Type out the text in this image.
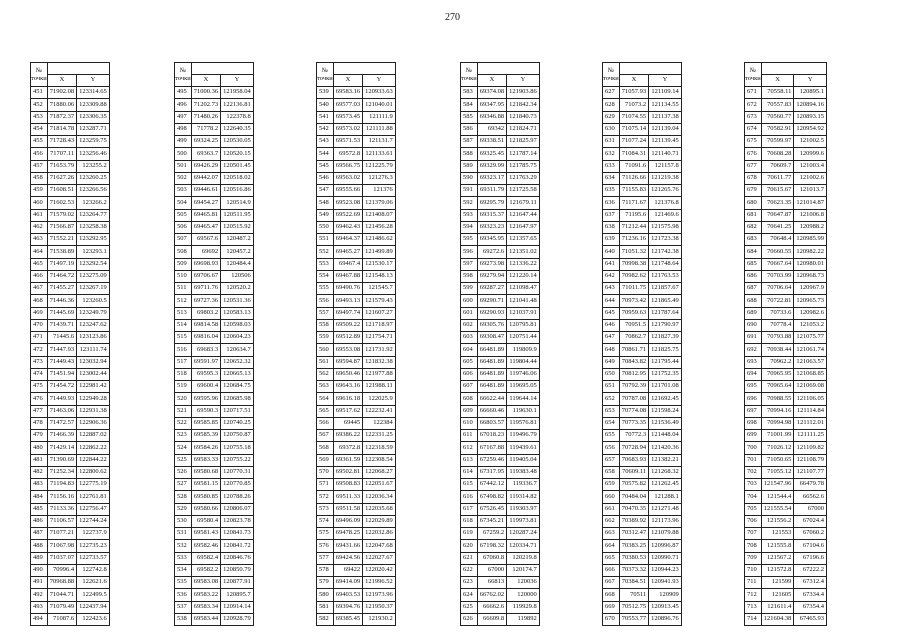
270
№
точки		

	X	Y
451	71902.08	123314.65
452	71880.06	123309.88
453	71872.37	123306.35
454	71814.78	123287.71
455	71728.43	123259.75
456	71707.11	123256.46
457	71653.79	123255.2
458	71627.26	123260.25
459	71608.51	123266.56
460	71602.53	123266.2
461	71579.02	123264.77
462	71566.87	123258.38
463	71552.21	123292.95
464	71538.89	123293.1
465	71497.19	123292.54
466	71464.72	123275.09
467	71455.27	123267.19
468	71446.36	123260.5
469	71445.69	123249.79
470	71439.71	123247.62
471	71445.6	123123.86
472	71447.93	123111.74
473	71449.43	123032.94
474	71451.94	123002.44
475	71454.72	122981.42
476	71449.93	122949.28
477	71463.06	122931.38
478	71472.57	122906.36
479	71466.39	122887.02
480	71429.14	122862.22
481	71390.69	122844.22
482	71252.34	122800.62
483	71194.83	122775.19
484	71156.16	122761.81
485	71133.36	122756.47
486	71106.57	122744.24
487	71077.21	122737.9
488	71067.98	122735.23
489	71037.07	122733.57
490	70996.4	122742.8
491	70968.88	122621.6
492	71044.71	122499.5
493	71079.49	122437.94
494	71087.6	122423.6
№
точки		

	X	Y
495	71000.36	121958.04
496	71202.73	122136.81
497	71480.26	122378.8
498	71778.2	122640.35
499	69324.25	120530.05
500	69363.7	120520.15
501	69426.29	120501.45
502	69442.07	120518.02
503	69446.61	120516.86
504	69454.27	120514.9
505	69465.81	120511.95
506	69465.47	120515.92
507	69567.6	120487.2
508	69692	120457.2
509	69698.93	120484.4
510	69706.67	120506
511	69711.76	120520.2
512	69727.36	120531.36
513	69803.2	120583.13
514	69814.58	120598.03
515	69816.04	120604.23
516	69683.3	120634.7
517	69591.97	120652.32
518	69595.3	120665.13
519	69600.4	120684.75
520	69595.96	120685.98
521	69590.3	120717.51
522	69585.85	120740.25
523	69585.39	120750.87
524	69584.26	120755.18
525	69583.33	120755.22
526	69580.68	120770.31
527	69581.15	120770.85
528	69580.85	120788.26
529	69580.66	120806.07
530	69580.4	120823.78
531	69581.43	120841.73
532	69582.46	120841.72
533	69582.4	120846.76
534	69582.2	120850.79
535	69583.08	120877.91
536	69583.22	120895.7
537	69583.34	120914.14
538	69583.44	120928.79
№
точки		

	X	Y
539	69583.16	120933.63
540	69577.03	121040.01
541	69573.45	121111.9
542	69573.02	121111.88
543	69571.53	121131.7
544	69572.8	121133.61
545	69566.75	121225.79
546	69563.02	121276.3
547	69555.66	121376
548	69523.08	121379.06
549	69522.69	121408.07
550	69462.43	121456.28
551	69464.37	121486.62
552	69465.27	121499.89
553	69467.4	121530.17
554	69467.88	121548.13
555	69490.76	121545.7
556	69493.13	121579.43
557	69497.74	121607.27
558	69509.22	121718.97
559	69512.89	121754.71
560	69553.08	121731.92
561	69594.87	121832.38
562	69650.46	121977.88
563	69643.16	121988.11
564	69616.18	122025.9
565	69517.62	122232.41
566	69445	122384
567	69386.22	122331.25
568	69372.8	122318.59
569	69361.59	122308.54
570	69502.81	122068.27
571	69508.83	122051.67
572	69511.33	122036.34
573	69511.58	122035.68
574	69496.09	122029.89
575	69478.25	122032.86
576	69431.66	122047.68
577	69424.56	122027.67
578	69422	122020.42
579	69414.09	121996.52
580	69403.53	121973.96
581	69394.76	121950.37
582	69385.45	121930.2
№
точки		

	X	Y
583	69374.08	121903.86
584	69347.95	121842.34
585	69346.88	121840.73
586	69342	121824.71
587	69338.51	121825.97
588	69325.45	121787.14
589	69329.99	121785.75
590	69323.17	121763.29
591	69311.79	121725.58
592	69295.79	121679.11
593	69315.37	121647.44
594	69323.23	121647.97
595	69345.95	121357.65
596	69272.6	121351.02
597	69273.98	121336.22
598	69279.94	121220.14
599	69287.27	121098.47
600	69290.71	121041.48
601	69290.93	121037.91
602	69305.76	120795.81
603	69308.47	120751.44
604	66481.89	119809.9
605	66481.89	119804.44
606	66481.89	119746.06
607	66481.89	119695.05
608	66622.44	119644.14
609	66660.46	119630.1
610	66803.57	119576.81
611	67018.23	119496.79
612	67167.88	119439.61
613	67259.46	119405.04
614	67317.95	119383.48
615	67442.12	119336.7
616	67498.82	119314.82
617	67526.45	119303.97
618	67345.21	119973.81
619	67259.2	120287.24
620	67198.32	120334.71
621	67060.8	120219.8
622	67000	120174.7
623	66813	120036
624	66762.02	120000
625	66662.6	119929.8
626	66609.8	119892
№
точки		

	X	Y
627	71057.93	121109.14
628	71073.2	121134.55
629	71074.55	121137.38
630	71075.14	121139.04
631	71077.24	121139.45
632	71084.31	121140.71
633	71091.6	121157.8
634	71126.66	121219.38
635	71155.83	121265.76
636	71171.67	121376.8
637	71195.6	121469.6
638	71212.44	121575.98
639	71236.16	121723.38
640	71051.32	121742.38
641	70998.38	121748.64
642	70982.62	121763.53
643	71011.75	121857.67
644	70973.42	121865.49
645	70959.63	121787.64
646	70951.5	121790.97
647	70862.7	121827.39
648	70861.71	121825.75
649	70843.82	121795.44
650	70812.95	121752.35
651	70792.39	121701.08
652	70787.08	121692.45
653	70774.08	121598.24
654	70773.35	121536.49
655	70772.3	121448.04
656	70728.94	121420.36
657	70683.93	121382.21
658	70609.11	121268.32
659	70575.82	121262.45
660	70484.04	121288.1
661	70470.35	121271.48
662	70389.92	121173.96
663	70312.47	121079.88
664	70383.25	120996.87
665	70380.53	120990.71
666	70373.32	120944.23
667	70384.51	120941.93
668	70511	120909
669	70512.75	120913.45
670	70553.77	120896.76
№
точки		

	X	Y
671	70558.11	120895.1
672	70557.83	120894.16
673	70560.77	120893.15
674	70582.91	120954.92
675	70599.97	121002.5
676	70608.28	120999.6
677	70609.7	121003.4
678	70611.77	121002.6
679	70615.67	121013.7
680	70623.35	121014.87
681	70647.87	121006.8
682	70641.25	120988.2
683	70648.4	120985.99
684	70660.55	120982.22
685	70667.64	120980.01
686	70703.99	120968.73
687	70706.64	120967.9
688	70722.81	120965.73
689	70733.6	120982.6
690	70778.4	121053.2
691	70793.88	121075.77
692	70938.44	121061.74
693	70962.2	121063.57
694	70965.95	121068.85
695	70965.64	121069.08
696	70988.55	121106.05
697	70994.16	121114.84
698	70994.98	121112.01
699	71001.99	121111.25
700	71026.12	121109.82
701	71050.65	121108.79
702	71055.12	121107.77
703	121547.96	66479.78
704	121544.4	66562.6
705	121555.54	67000
706	121556.2	67024.4
707	121553	67060.2
708	121555.8	67104.6
709	121567.2	67196.6
710	121572.8	67222.2
711	121599	67312.4
712	121605	67334.4
713	121611.4	67354.4
714	121604.38	67465.93
